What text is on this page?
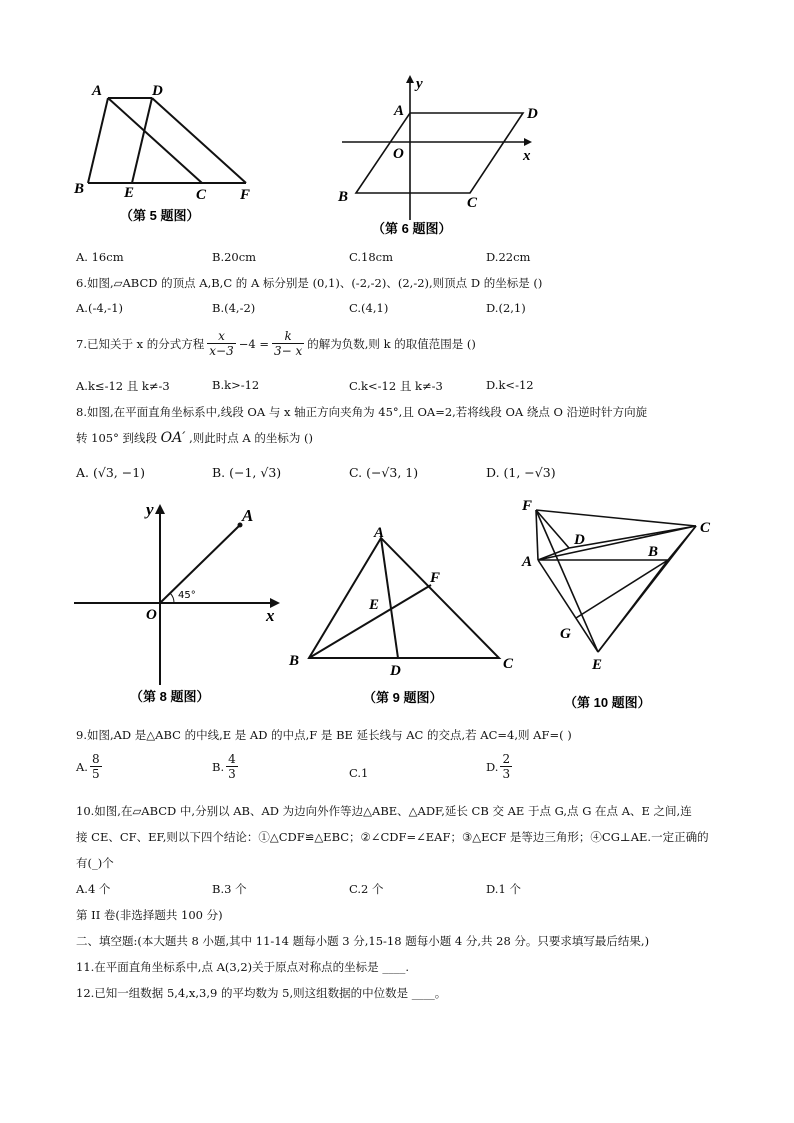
A	D
B	E	C F
（第 5 题图）
y
A	D
O	x
B	C
（第 6 题图）
A. 16cm	B.20cm	C.18cm	D.22cm
6.如图,▱ABCD 的顶点 A,B,C 的 A 标分别是 (0,1)、(-2,-2)、(2,-2),则顶点 D 的坐标是 ()
A.(-4,-1)	B.(4,-2)	C.(4,1)	D.(2,1)
7.已知关于 x 的分式方程 $\frac{x}{x-3} -4 = \frac{k}{3- x}$ 的解为负数,则 k 的取值范围是 ()
A.k≤-12 且 k≠-3	B.k>-12	C.k<-12 且 k≠-3	D.k<-12
8.如图,在平面直角坐标系中,线段 OA 与 x 轴正方向夹角为 45°,且 OA=2,若将线段 OA 绕点 O 沿逆时针方向旋
转 105° 到线段 OA′ ,则此时点 A 的坐标为 ()
A. (√3, −1)	B. (−1, √3)	C. (−√3, 1)	D. (1, −√3)
y	A
O	x
45°
（第 8 题图）
A
F
E
B
D	C
（第 9 题图）
F
C
D
A
B
G
E
（第 10 题图）
9.如图,AD 是△ABC 的中线,E 是 AD 的中点,F 是 BE 延长线与 AC 的交点,若 AC=4,则 AF=( )
A. $\frac{8}{5}$	B. $\frac{4}{3}$	C.1	D. $\frac{2}{3}$
10.如图,在▱ABCD 中,分别以 AB、AD 为边向外作等边△ABE、△ADF,延长 CB 交 AE 于点 G,点 G 在点 A、E 之间,连
接 CE、CF、EF,则以下四个结论：①△CDF≌△EBC；②∠CDF=∠EAF；③△ECF 是等边三角形；④CG⊥AE.一定正确的
有(_)个
A.4 个	B.3 个	C.2 个	D.1 个
第 II 卷(非选择题共 100 分)
二、填空题:(本大题共 8 小题,其中 11-14 题每小题 3 分,15-18 题每小题 4 分,共 28 分。只要求填写最后结果,)
11.在平面直角坐标系中,点 A(3,2)关于原点对称点的坐标是 ____.
12.已知一组数据 5,4,x,3,9 的平均数为 5,则这组数据的中位数是 ____。
